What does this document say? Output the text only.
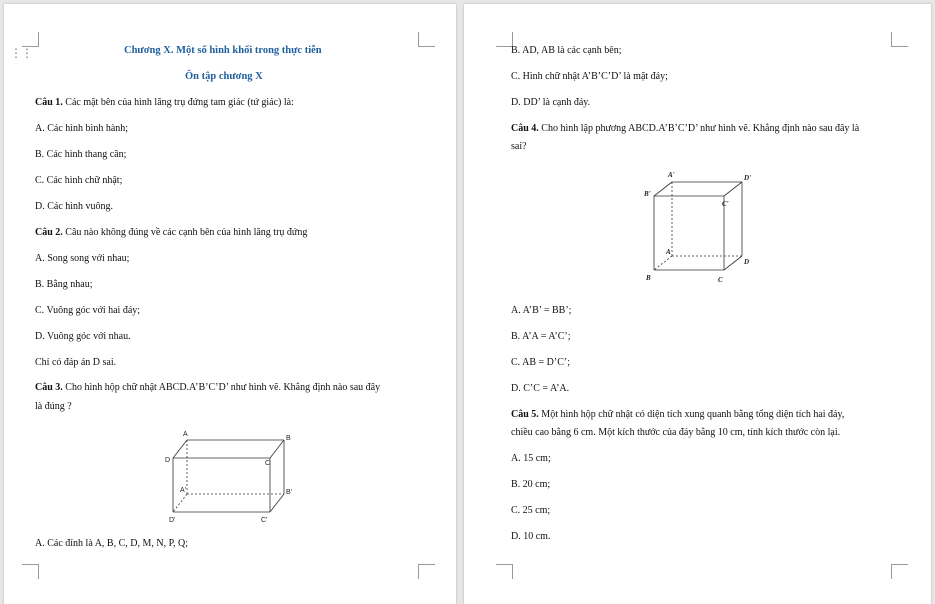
⋮⋮	Chương X. Một số hình khối trong thực tiễn
Ôn tập chương X
Câu 1. Các mặt bên của hình lăng trụ đứng tam giác (tứ giác) là:
A. Các hình bình hành;
B. Các hình thang cân;
C. Các hình chữ nhật;
D. Các hình vuông.
Câu 2. Câu nào không đúng về các cạnh bên của hình lăng trụ đứng
A. Song song với nhau;
B. Bằng nhau;
C. Vuông góc với hai đáy;
D. Vuông góc với nhau.
Chỉ có đáp án D sai.
Câu 3. Cho hình hộp chữ nhật ABCD.A’B’C’D’ như hình vẽ. Khẳng định nào sau đây
là đúng ?
A
B
D	C
A'	B'
D'	C'
A. Các đỉnh là A, B, C, D, M, N, P, Q;
B. AD, AB là các cạnh bên;
C. Hình chữ nhật A’B’C’D’ là mặt đáy;
D. DD’ là cạnh đáy.
Câu 4. Cho hình lập phương ABCD.A’B’C’D’ như hình vẽ. Khẳng định nào sau đây là
sai?
A'	D'
B'
C'
A
D
B	C
A. A’B’ = BB’;
B. A’A = A’C’;
C. AB = D’C’;
D. C’C = A’A.
Câu 5. Một hình hộp chữ nhật có diện tích xung quanh bằng tổng diện tích hai đáy,
chiều cao bằng 6 cm. Một kích thước của đáy bằng 10 cm, tính kích thước còn lại.
A. 15 cm;
B. 20 cm;
C. 25 cm;
D. 10 cm.
